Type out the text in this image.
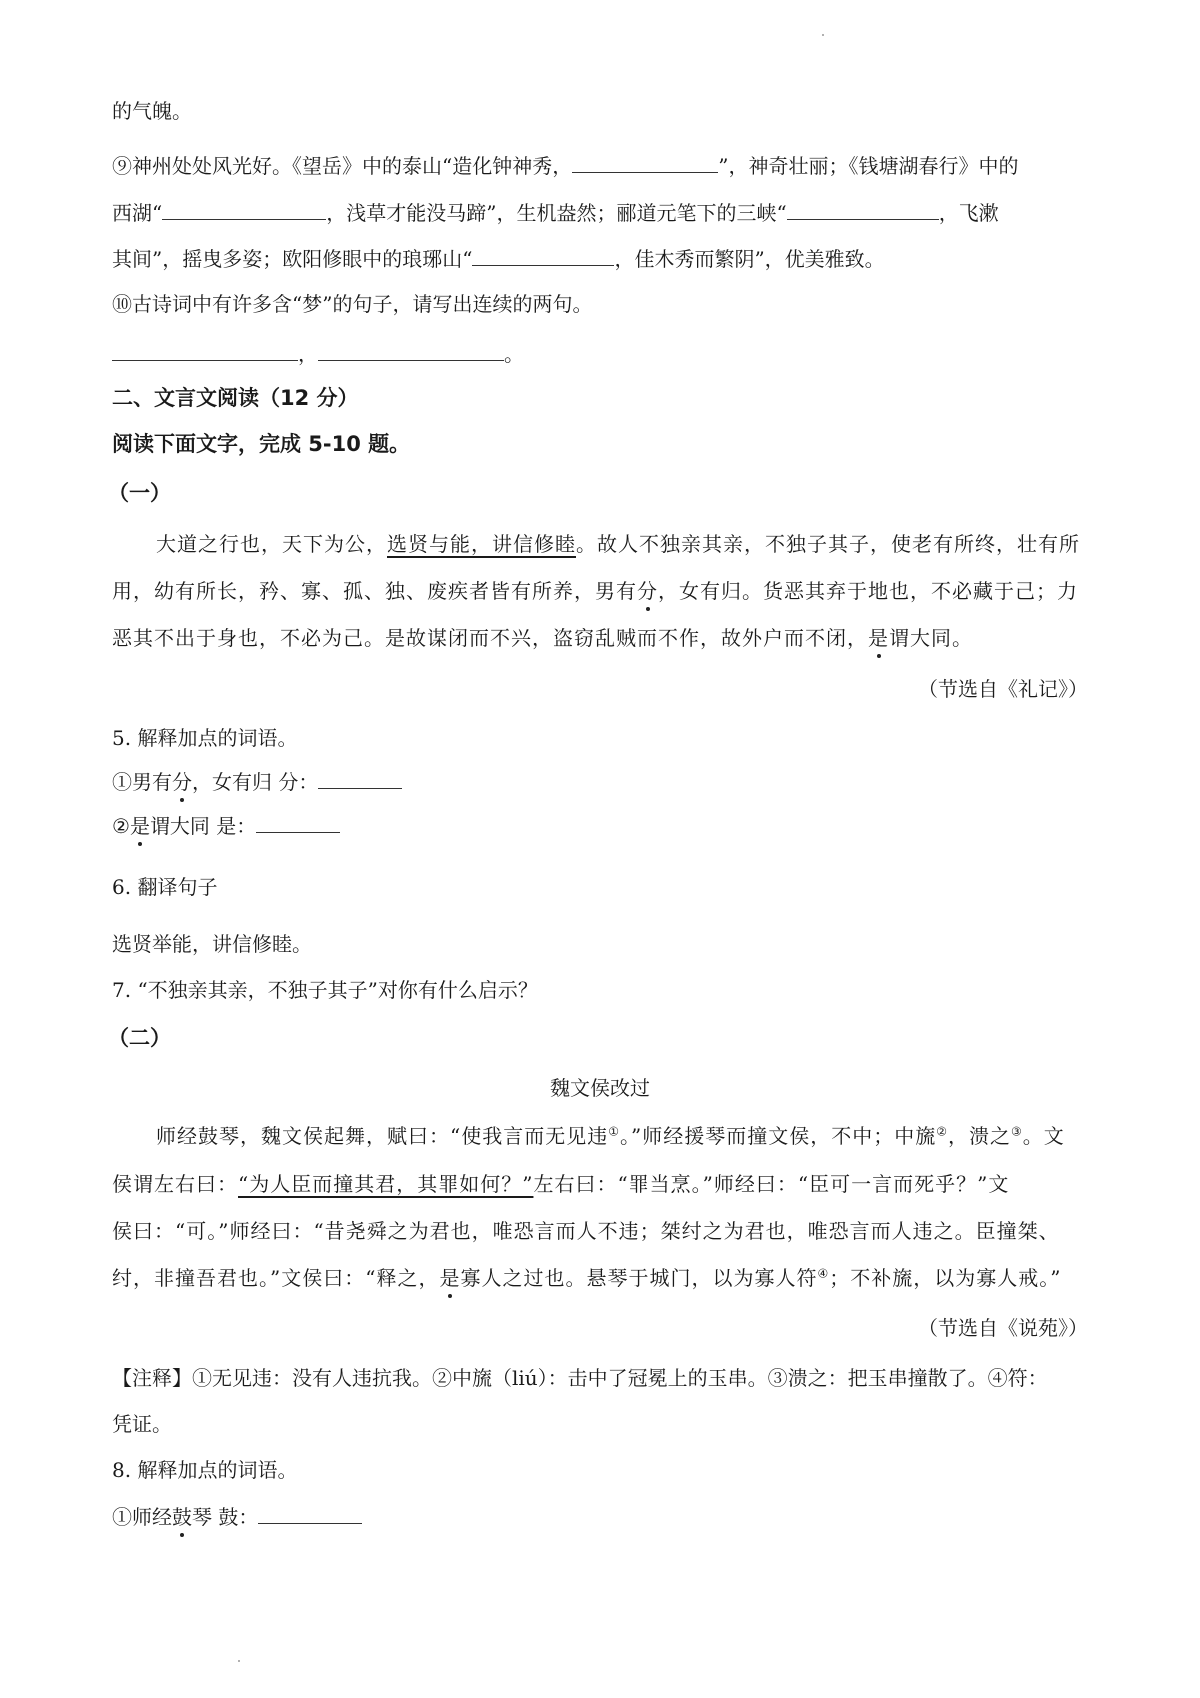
的气魄。
⑨神州处处风光好。《望岳》中的泰山“造化钟神秀，	”，神奇壮丽；《钱塘湖春行》中的
西湖“	，浅草才能没马蹄”，生机盎然；郦道元笔下的三峡“	，飞漱
其间”，摇曳多姿；欧阳修眼中的琅琊山“	，佳木秀而繁阴”，优美雅致。
⑩古诗词中有许多含“梦”的句子，请写出连续的两句。
，	。
二、文言文阅读（12 分）
阅读下面文字，完成 5-10 题。
（一）
大道之行也，天下为公，选贤与能，讲信修睦。故人不独亲其亲，不独子其子，使老有所终，壮有所
用，幼有所长，矜、寡、孤、独、废疾者皆有所养，男有分，女有归。货恶其弃于地也，不必藏于己；力
恶其不出于身也，不必为己。是故谋闭而不兴，盗窃乱贼而不作，故外户而不闭，是谓大同。
（节选自《礼记》）
5. 解释加点的词语。
①男有分，女有归 分：
②是谓大同 是：
6. 翻译句子
选贤举能，讲信修睦。
7. “不独亲其亲，不独子其子”对你有什么启示？
（二）
魏文侯改过
师经鼓琴，魏文侯起舞，赋曰：“使我言而无见违①。”师经援琴而撞文侯，不中；中旒②，溃之③。文
侯谓左右曰：“为人臣而撞其君，其罪如何？”左右曰：“罪当烹。”师经曰：“臣可一言而死乎？”文
侯曰：“可。”师经曰：“昔尧舜之为君也，唯恐言而人不违；桀纣之为君也，唯恐言而人违之。臣撞桀、
纣，非撞吾君也。”文侯曰：“释之，是寡人之过也。悬琴于城门，以为寡人符④；不补旒，以为寡人戒。”
（节选自《说苑》）
【注释】①无见违：没有人违抗我。②中旒（liú）：击中了冠冕上的玉串。③溃之：把玉串撞散了。④符：
凭证。
8. 解释加点的词语。
①师经鼓琴 鼓：
